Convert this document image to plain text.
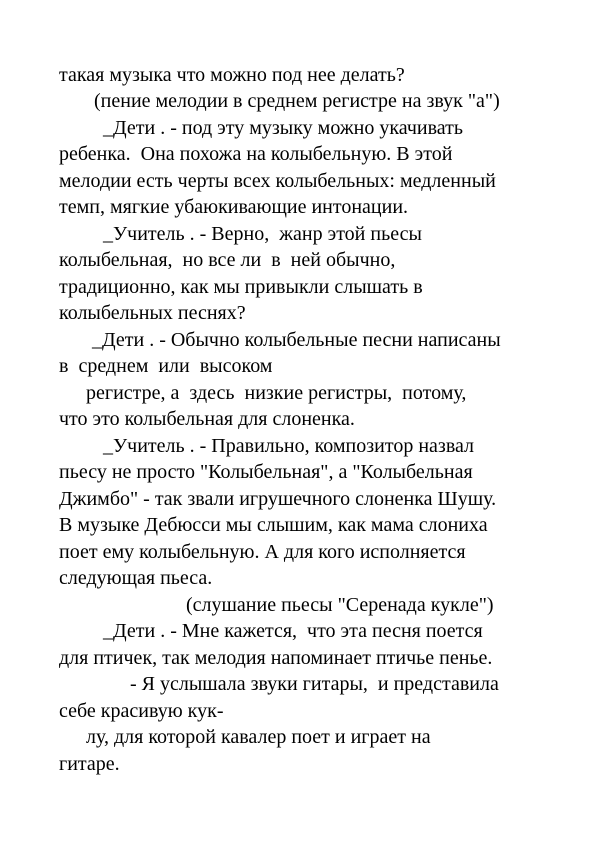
такая музыка что можно под нее делать?
(пение мелодии в среднем регистре на звук "а")
_Дети . - под эту музыку можно укачивать
ребенка.  Она похожа на колыбельную. В этой
мелодии есть черты всех колыбельных: медленный
темп, мягкие убаюкивающие интонации.
_Учитель . - Верно,  жанр этой пьесы
колыбельная,  но все ли  в  ней обычно,
традиционно, как мы привыкли слышать в
колыбельных песнях?
_Дети . - Обычно колыбельные песни написаны
в  среднем  или  высоком
регистре, а  здесь  низкие регистры,  потому,
что это колыбельная для слоненка.
_Учитель . - Правильно, композитор назвал
пьесу не просто "Колыбельная", а "Колыбельная
Джимбо" - так звали игрушечного слоненка Шушу.
В музыке Дебюсси мы слышим, как мама слониха
поет ему колыбельную. А для кого исполняется
следующая пьеса.
(слушание пьесы "Серенада кукле")
_Дети . - Мне кажется,  что эта песня поется
для птичек, так мелодия напоминает птичье пенье.
- Я услышала звуки гитары,  и представила
себе красивую кук-
лу, для которой кавалер поет и играет на
гитаре.
